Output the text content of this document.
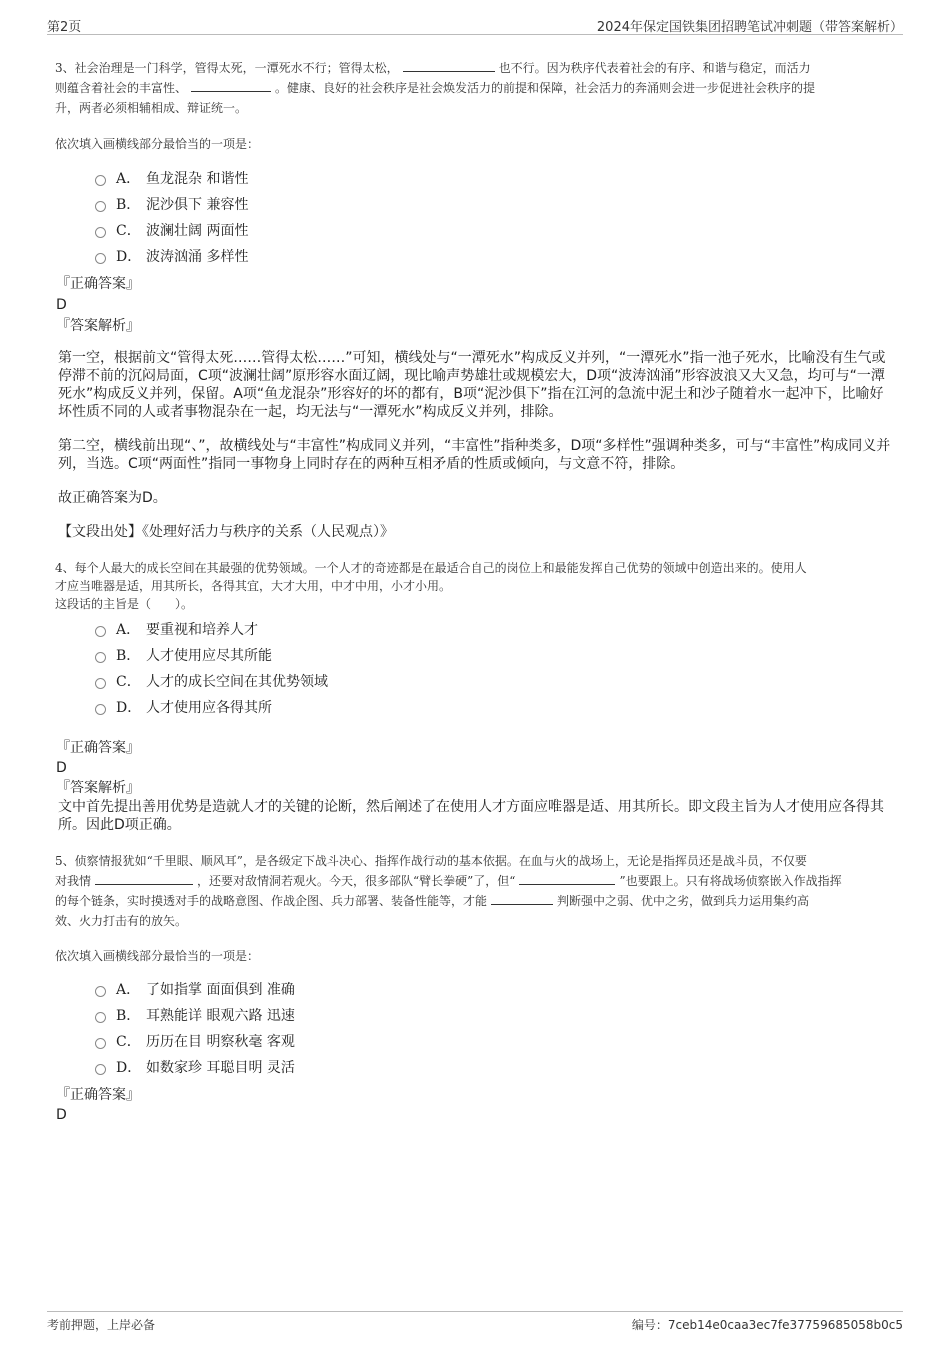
第2页	2024年保定国铁集团招聘笔试冲刺题（带答案解析）
3、社会治理是一门科学，管得太死，一潭死水不行；管得太松，	也不行。因为秩序代表着社会的有序、和谐与稳定，而活力
则蕴含着社会的丰富性、	。健康、良好的社会秩序是社会焕发活力的前提和保障，社会活力的奔涌则会进一步促进社会秩序的提
升，两者必须相辅相成、辩证统一。
依次填入画横线部分最恰当的一项是：
A． 鱼龙混杂 和谐性
B． 泥沙俱下 兼容性
C． 波澜壮阔 两面性
D． 波涛汹涌 多样性
『正确答案』
D
『答案解析』
第一空，根据前文“管得太死……管得太松……”可知，横线处与“一潭死水”构成反义并列，“一潭死水”指一池子死水，比喻没有生气或停滞不前的沉闷局面，C项“波澜壮阔”原形容水面辽阔，现比喻声势雄壮或规模宏大，D项“波涛汹涌”形容波浪又大又急，均可与“一潭死水”构成反义并列，保留。A项“鱼龙混杂”形容好的坏的都有，B项“泥沙俱下”指在江河的急流中泥土和沙子随着水一起冲下，比喻好坏性质不同的人或者事物混杂在一起，均无法与“一潭死水”构成反义并列，排除。
第二空，横线前出现“、”，故横线处与“丰富性”构成同义并列，“丰富性”指种类多，D项“多样性”强调种类多，可与“丰富性”构成同义并列，当选。C项“两面性”指同一事物身上同时存在的两种互相矛盾的性质或倾向，与文意不符，排除。
故正确答案为D。
【文段出处】《处理好活力与秩序的关系（人民观点）》
4、每个人最大的成长空间在其最强的优势领域。一个人才的奇迹都是在最适合自己的岗位上和最能发挥自己优势的领域中创造出来的。使用人
才应当唯器是适，用其所长，各得其宜，大才大用，中才中用，小才小用。
这段话的主旨是（　　）。
A． 要重视和培养人才
B． 人才使用应尽其所能
C． 人才的成长空间在其优势领域
D． 人才使用应各得其所
『正确答案』
D
『答案解析』
文中首先提出善用优势是造就人才的关键的论断，然后阐述了在使用人才方面应唯器是适、用其所长。即文段主旨为人才使用应各得其所。因此D项正确。
5、侦察情报犹如“千里眼、顺风耳”，是各级定下战斗决心、指挥作战行动的基本依据。在血与火的战场上，无论是指挥员还是战斗员，不仅要
对我情	，还要对敌情洞若观火。今天，很多部队“臂长拳硬”了，但“	”也要跟上。只有将战场侦察嵌入作战指挥
的每个链条，实时摸透对手的战略意图、作战企图、兵力部署、装备性能等，才能	判断强中之弱、优中之劣，做到兵力运用集约高
效、火力打击有的放矢。
依次填入画横线部分最恰当的一项是：
A． 了如指掌 面面俱到 准确
B． 耳熟能详 眼观六路 迅速
C． 历历在目 明察秋毫 客观
D． 如数家珍 耳聪目明 灵活
『正确答案』
D
考前押题，上岸必备	编号：7ceb14e0caa3ec7fe37759685058b0c5
